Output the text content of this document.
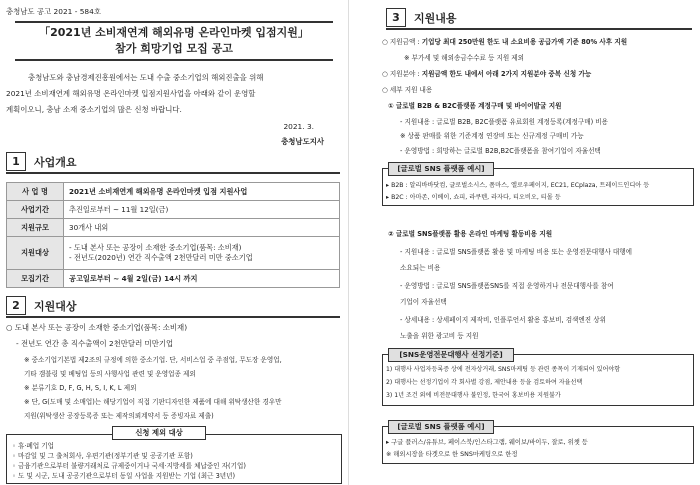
충청남도 공고 2021 - 584호
「2021년 소비재연계 해외유명 온라인마켓 입점지원」
참가 희망기업 모집 공고
충청남도와 충남경제진흥원에서는 도내 수출 중소기업의 해외진출을 위해
2021년 소비재연계 해외유명 온라인마켓 입점지원사업을 아래와 같이 운영할
계획이오니, 충남 소재 중소기업의 많은 신청 바랍니다.
2021. 3.
충청남도지사
1	사업개요
사 업 명	2021년 소비재연계 해외유명 온라인마켓 입점 지원사업
사업기간	추진일로부터 ~ 11월 12일(금)
지원규모	30개사 내외
지원대상	- 도내 본사 또는 공장이 소재한 중소기업(품목: 소비재)
- 전년도(2020년) 연간 직수출액 2천만달러 미만 중소기업

모집기간	공고일로부터 ~ 4월 2일(금) 14시 까지
2	지원대상
○ 도내 본사 또는 공장이 소재한 중소기업(품목: 소비재)
- 전년도 연간 총 직수출액이 2천만달러 미만기업
※ 중소기업기본법 제2조의 규정에 의한 중소기업. 단, 서비스업 중 주점업, 무도장 운영업,
기타 갬블링 및 베팅업 등의 사행사업 관련 및 운영업종 제외
※ 분류기호 D, F, G, H, S, I, K, L 제외
※ 단, G(도매 및 소매업)는 해당기업이 직접 기판디자인한 제품에 대해 위탁생산한 경우만
지원(위탁생산 공장등록증 또는 제작의뢰계약서 등 증빙자료 제출)
신청 제외 대상
◦ 휴·폐업 기업
◦ 마감일 및 그 출처회사, 우편기관(정부기관 및 공공기관 포함)
◦ 금융기관으로부터 불량거래처로 규제중이거나 국세·지방세를 체납중인 자(기업)
◦ 도 및 시군, 도내 공공기관으로부터 동일 사업을 지원받는 기업 (최근 3년년)
3	지원내용
○ 지원금액 : 기업당 최대 250만원 한도 내 소요비용 공급가액 기준 80% 사후 지원
※ 부가세 및 해외송금수수료 등 지원 제외
○ 지원분야 : 지원금액 한도 내에서 아래 2가지 지원분야 중복 신청 가능
○ 세부 지원 내용
① 글로벌 B2B & B2C플랫폼 계정구매 및 바이어발굴 지원
- 지원내용 : 글로벌 B2B, B2C플랫폼 유료회원 계정등록(계정구매) 비용
※ 상품 판매를 위한 기준계정 연장비 또는 신규계정 구매비 가능
- 운영방법 : 희망하는 글로벌 B2B,B2C플랫폼을 참여기업이 자율선택
[글로벌 SNS 플랫폼 예시]
▸ B2B : 알리바바닷컴, 글로벌소시스, 폼마스, 엘로우페이지, EC21, ECplaza, 트레이드인디아 등
▸ B2C : 아마존, 이베이, 쇼피, 라쿠텐, 라자다, 티오비오, 티몰 등
② 글로벌 SNS플랫폼 활용 온라인 마케팅 활동비용 지원
- 지원내용 : 글로벌 SNS플랫폼 활용 및 마케팅 비용 또는 운영전문대행사 대행에
소요되는 비용
- 운영방법 : 글로벌 SNS플랫폼SNS를 직접 운영하거나 전문대행사를 참여
기업이 자율선택
- 상세내용 : 상세페이지 제작비, 인플루언서 활용 홍보비, 검색엔진 상위
노출을 위한 광고비 등 지원
[SNS운영전문대행사 선정기준]
1) 대행사 사업자등록증 상에 전자상거래, SNS마케팅 등 관련 종목이 기재되어 있어야함
2) 대행사는 선정기업이 각 회사별 강점, 제안내용 등을 검토하여 자율선택
3) 1년 조건 외에 비전문대행사 불인정, 한국어 홍보비용 지원불가
[글로벌 SNS 플랫폼 예시]
▸ 구글 플러스/유튜브, 페이스북/인스타그램, 웨이보/바이두, 잘로, 위챗 등
※ 해외시장을 타겟으로 한 SNS마케팅으로 한정
